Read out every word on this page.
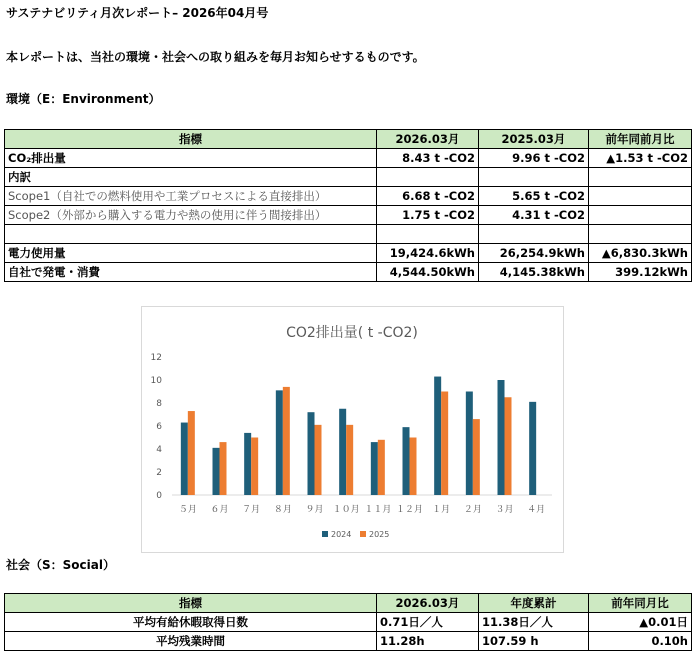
サステナビリティ月次レポート– 2026年04月号
本レポートは、当社の環境・社会への取り組みを毎月お知らせするものです。
環境（E：Environment）
指標	2026.03月	2025.03月	前年同前月比
CO₂排出量	8.43 t -CO2	9.96 t -CO2	▲1.53 t -CO2
内訳			
Scope1（自社での燃料使用や工業プロセスによる直接排出）	6.68 t -CO2	5.65 t -CO2	
Scope2（外部から購入する電力や熱の使用に伴う間接排出）	1.75 t -CO2	4.31 t -CO2	

電力使用量	19,424.6kWh	26,254.9kWh	▲6,830.3kWh
自社で発電・消費	4,544.50kWh	4,145.38kWh	399.12kWh
CO2排出量( t -CO2)
0
2
4
6
8
10
12
５月 ６月 ７月 ８月 ９月 １０月 １１月 １２月 １月 ２月 ３月 ４月
2024 2025
社会（S：Social）
指標	2026.03月	年度累計	前年同月比
平均有給休暇取得日数	0.71日／人	11.38日／人	▲0.01日
平均残業時間	11.28h	107.59 h	0.10h
